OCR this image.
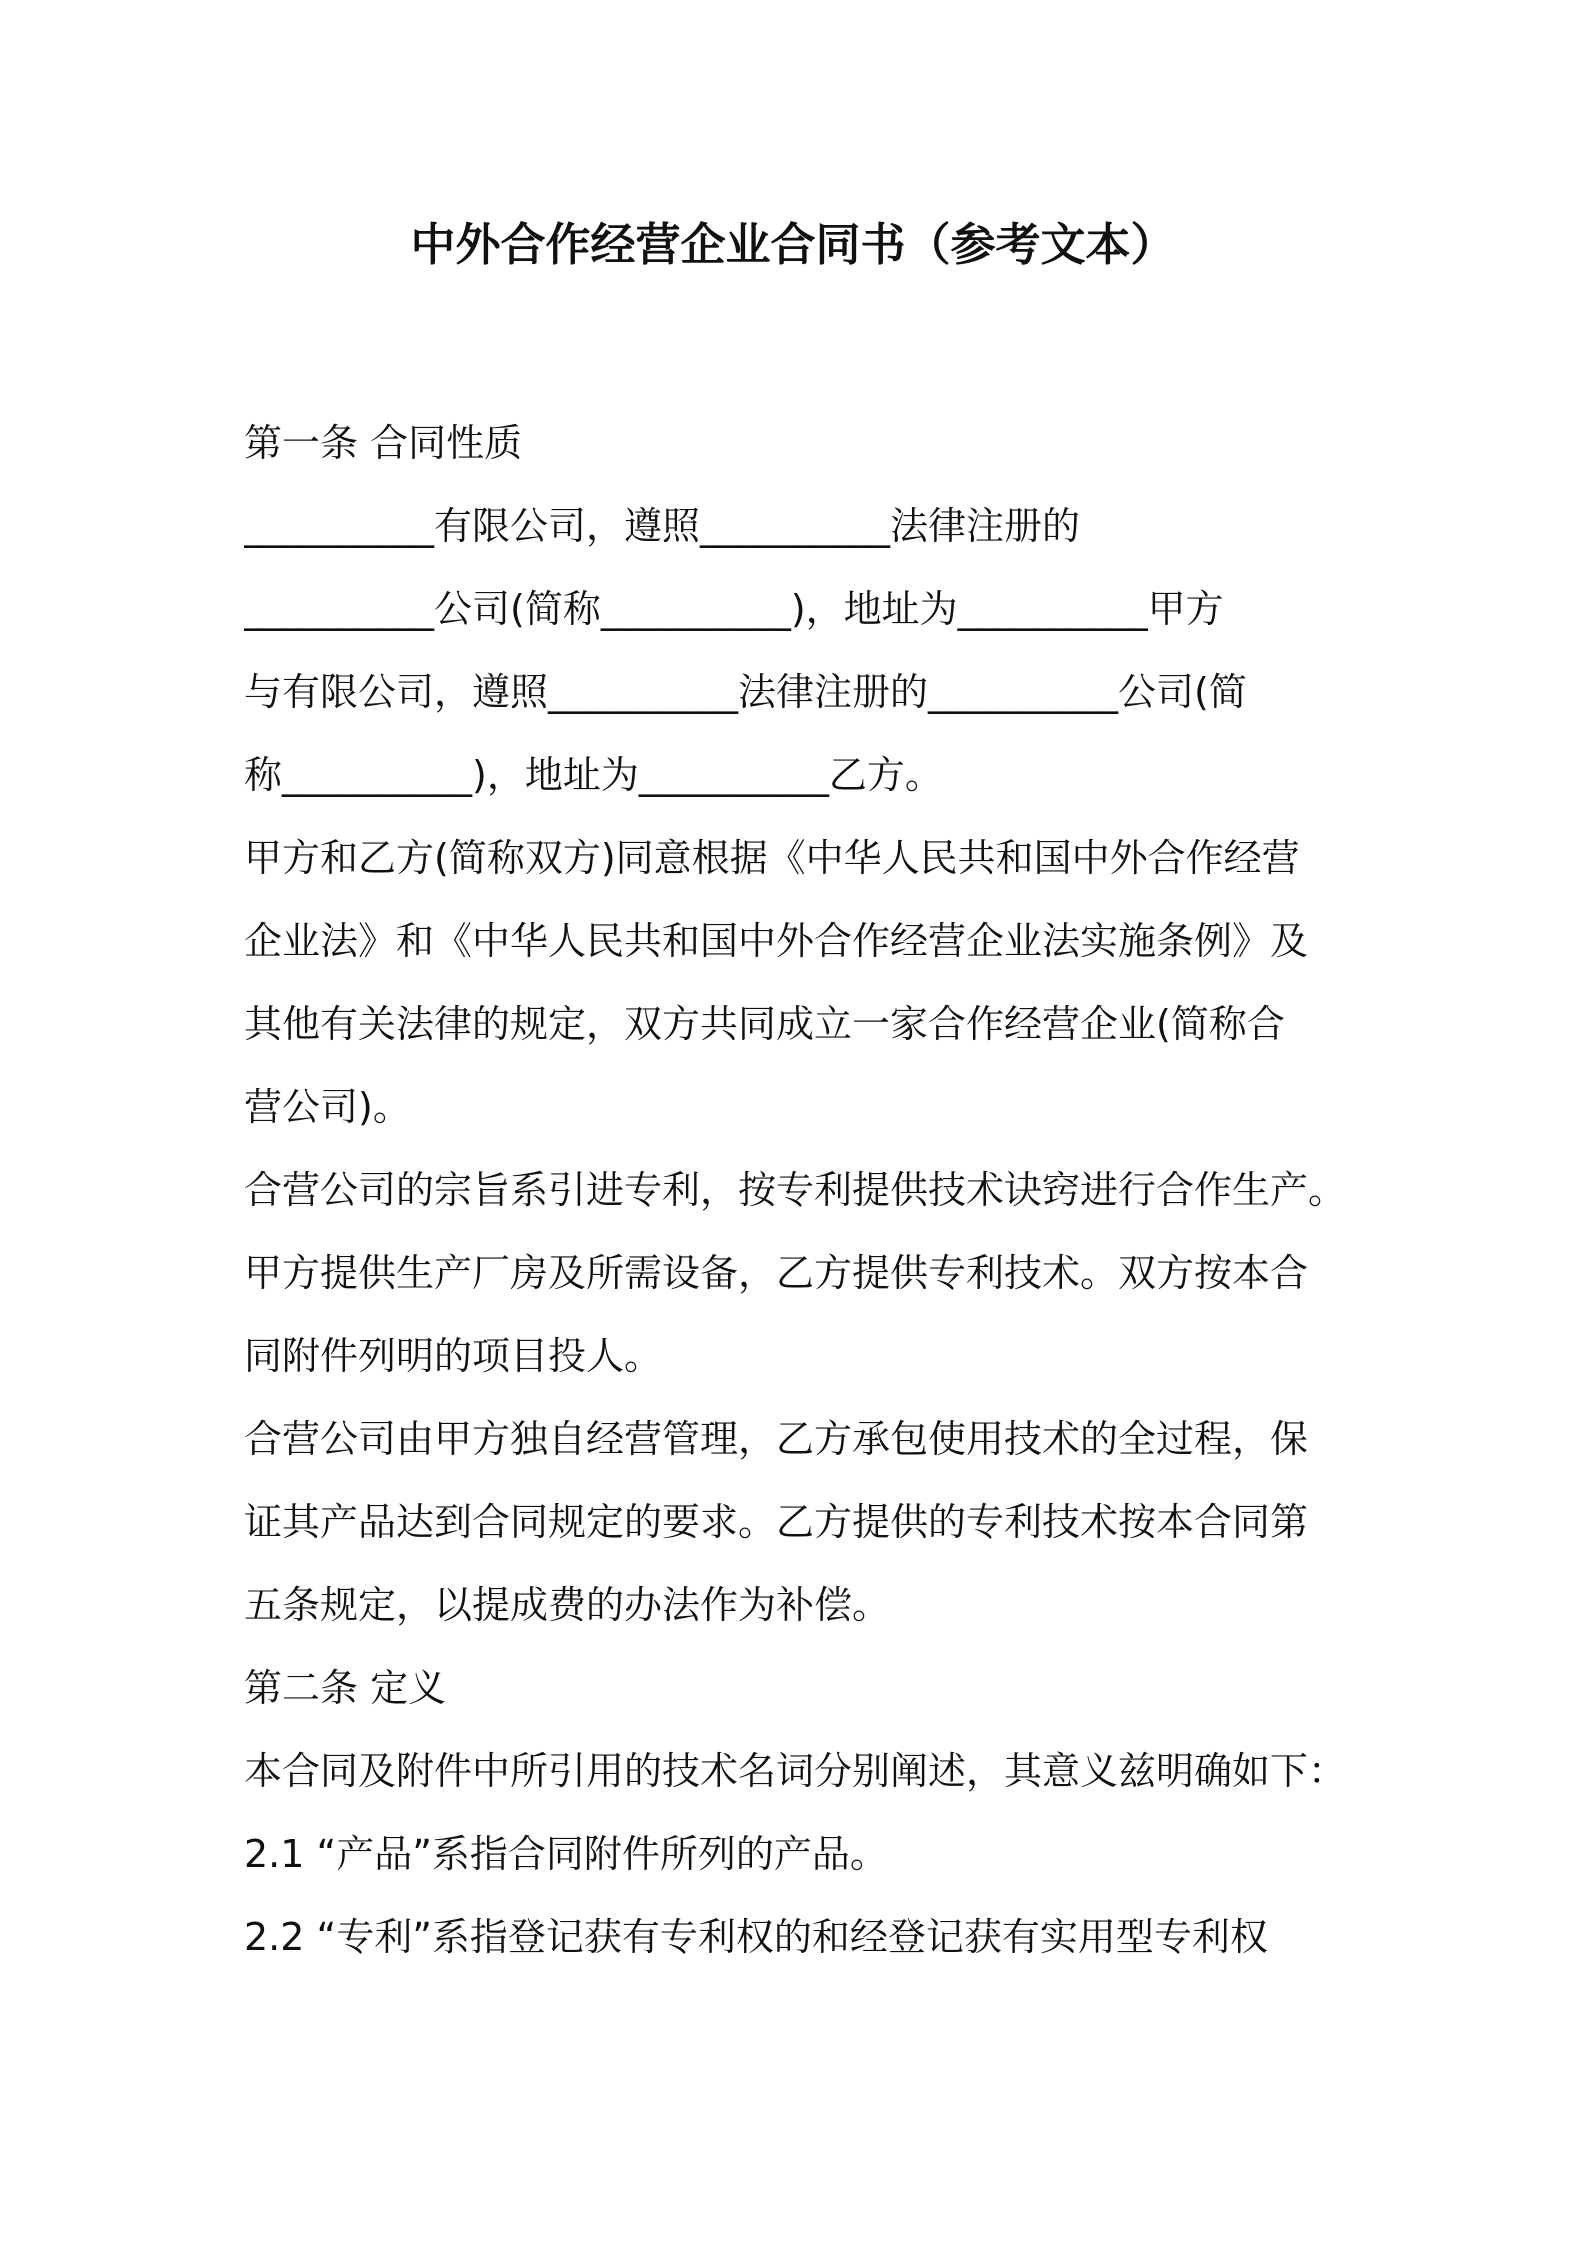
中外合作经营企业合同书（参考文本）
第一条 合同性质
__________有限公司，遵照__________法律注册的
__________公司(简称__________)，地址为__________甲方
与有限公司，遵照__________法律注册的__________公司(简
称__________)，地址为__________乙方。
甲方和乙方(简称双方)同意根据《中华人民共和国中外合作经营
企业法》和《中华人民共和国中外合作经营企业法实施条例》及
其他有关法律的规定，双方共同成立一家合作经营企业(简称合
营公司)。
合营公司的宗旨系引进专利，按专利提供技术诀窍进行合作生产。
甲方提供生产厂房及所需设备，乙方提供专利技术。双方按本合
同附件列明的项目投人。
合营公司由甲方独自经营管理，乙方承包使用技术的全过程，保
证其产品达到合同规定的要求。乙方提供的专利技术按本合同第
五条规定，以提成费的办法作为补偿。
第二条 定义
本合同及附件中所引用的技术名词分别阐述，其意义兹明确如下：
2.1 “产品”系指合同附件所列的产品。
2.2 “专利”系指登记获有专利权的和经登记获有实用型专利权
